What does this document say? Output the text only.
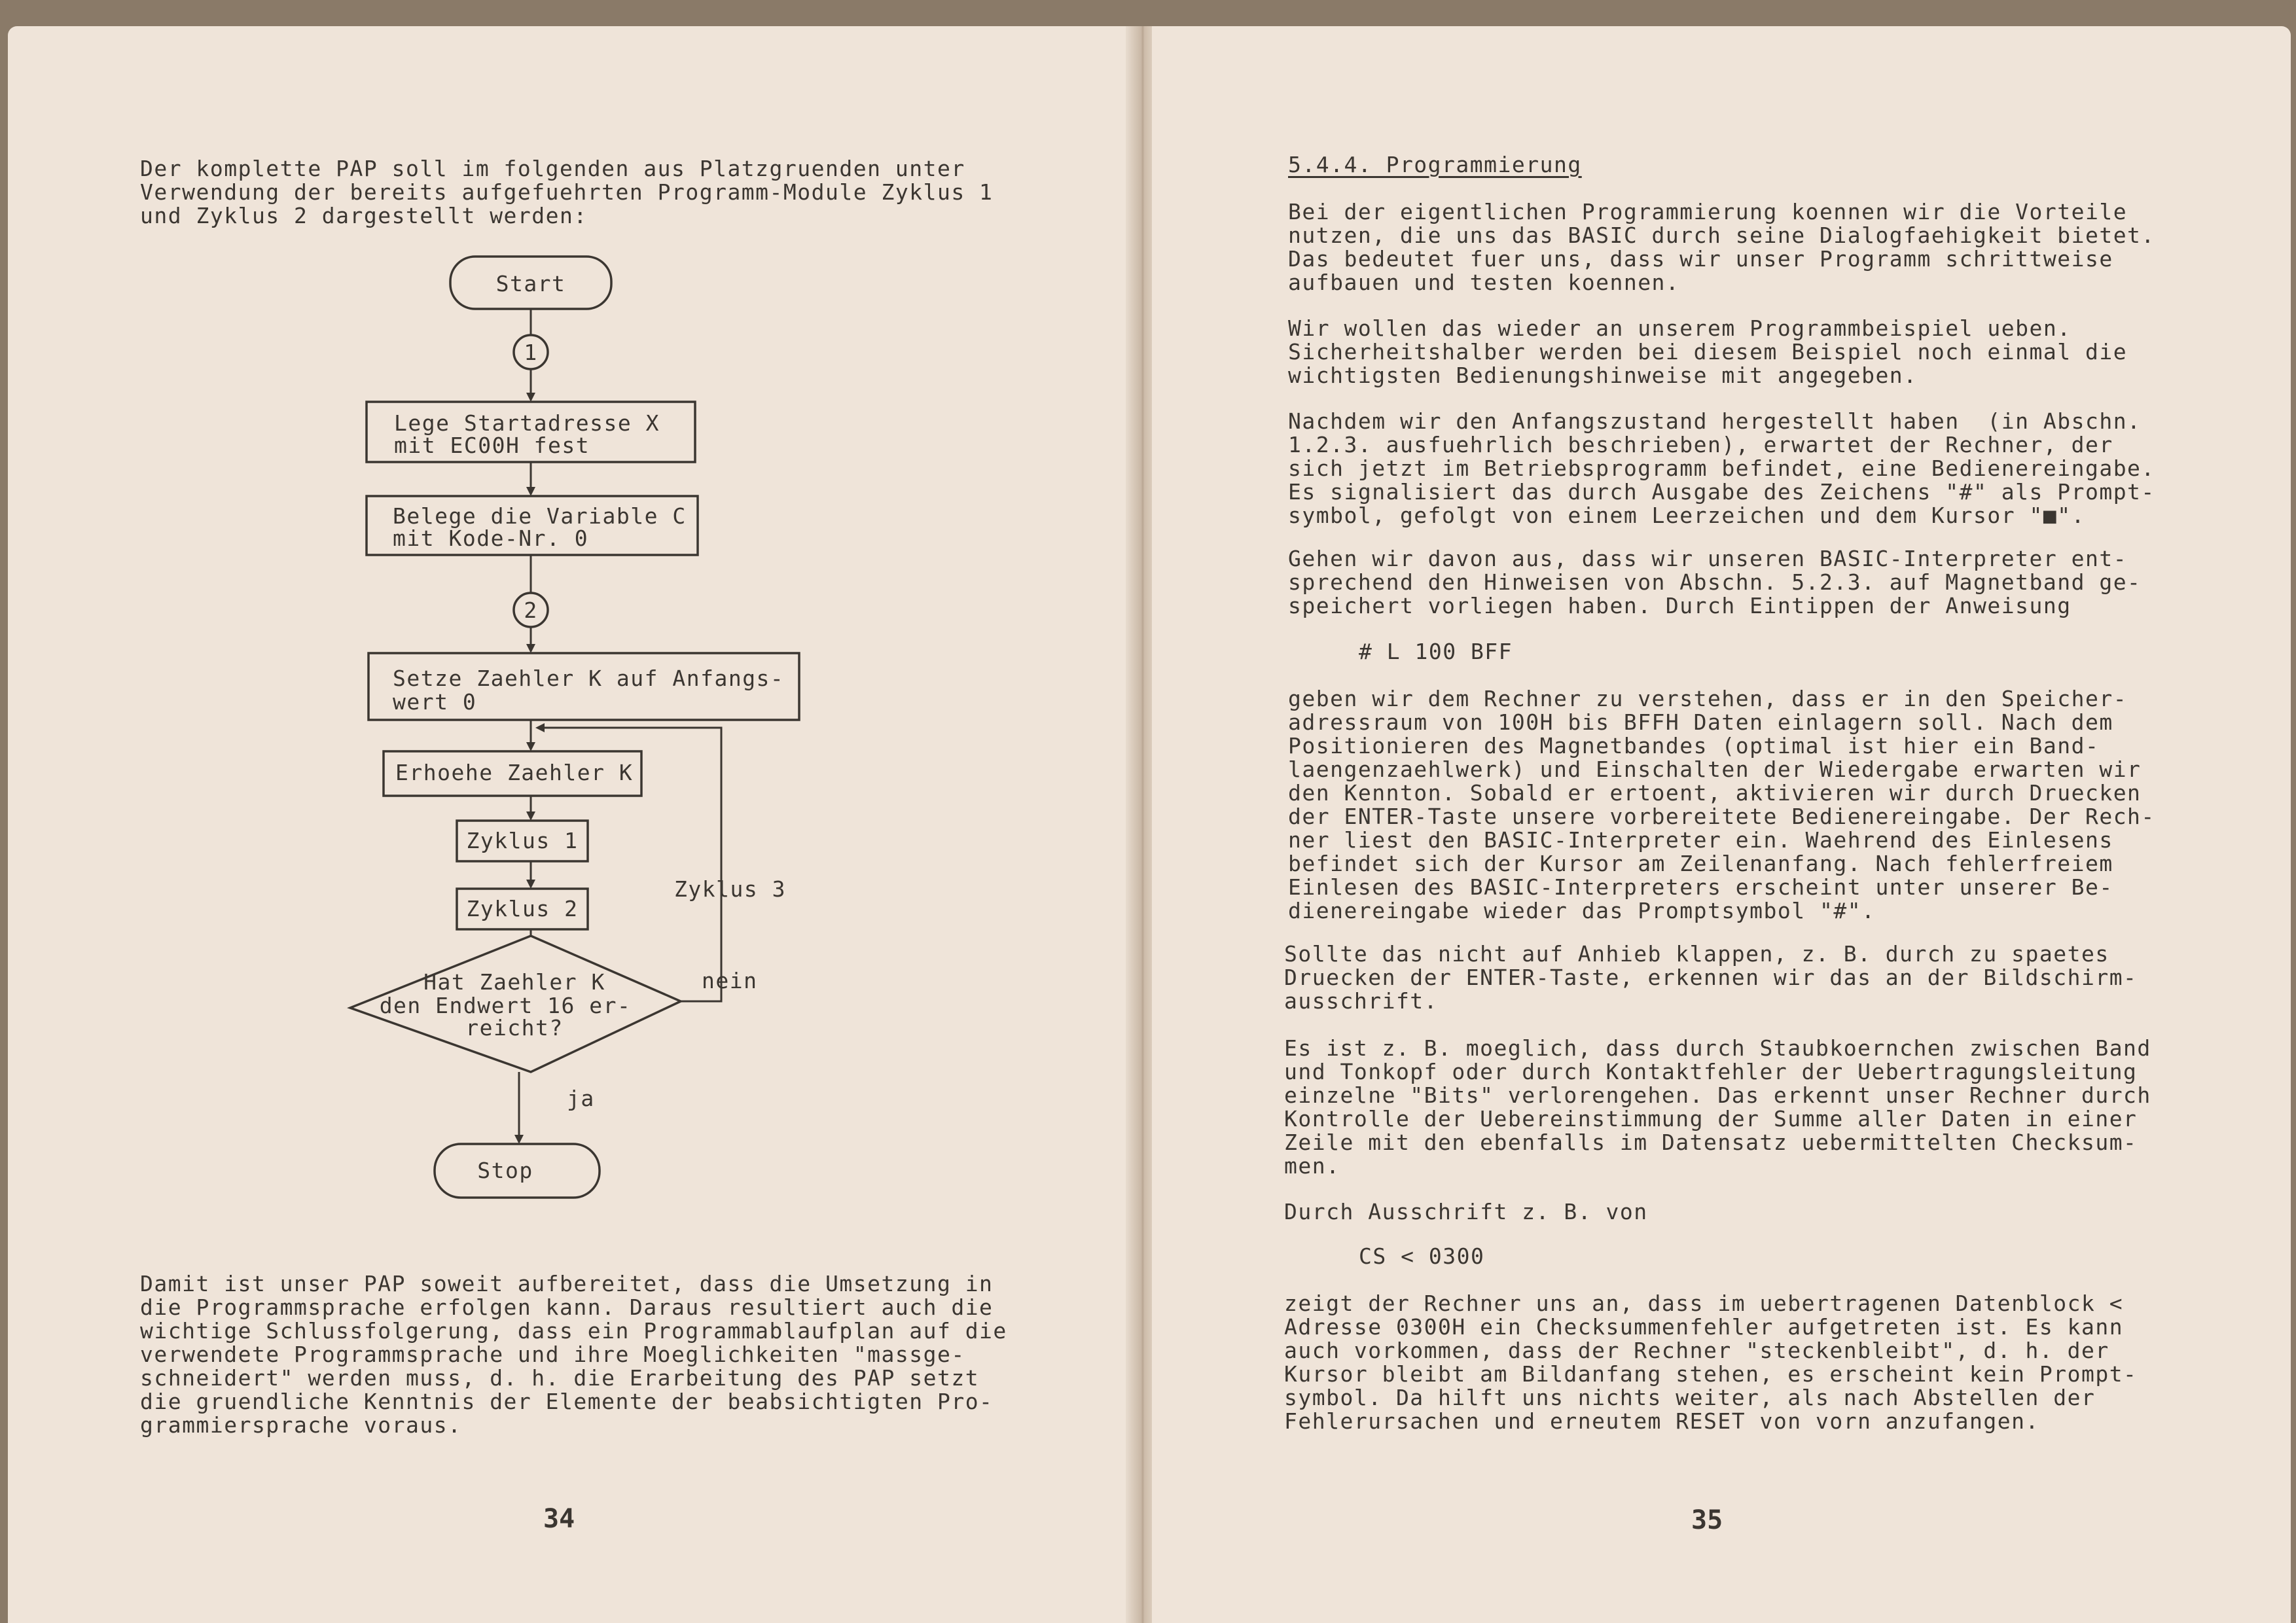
Der komplette PAP soll im folgenden aus Platzgruenden unter
Verwendung der bereits aufgefuehrten Programm-Module Zyklus 1
und Zyklus 2 dargestellt werden:
Start
1
Lege Startadresse X
mit EC00H fest
Belege die Variable C
mit Kode-Nr. 0
2
Setze Zaehler K auf Anfangs-
wert 0
Erhoehe Zaehler K
Zyklus 1
Zyklus 2
Hat Zaehler K
den Endwert 16 er-
reicht?
Zyklus 3
nein
ja
Stop
Damit ist unser PAP soweit aufbereitet, dass die Umsetzung in
die Programmsprache erfolgen kann. Daraus resultiert auch die
wichtige Schlussfolgerung, dass ein Programmablaufplan auf die
verwendete Programmsprache und ihre Moeglichkeiten "massge-
schneidert" werden muss, d. h. die Erarbeitung des PAP setzt
die gruendliche Kenntnis der Elemente der beabsichtigten Pro-
grammiersprache voraus.
34
5.4.4. Programmierung
Bei der eigentlichen Programmierung koennen wir die Vorteile
nutzen, die uns das BASIC durch seine Dialogfaehigkeit bietet.
Das bedeutet fuer uns, dass wir unser Programm schrittweise
aufbauen und testen koennen.
Wir wollen das wieder an unserem Programmbeispiel ueben.
Sicherheitshalber werden bei diesem Beispiel noch einmal die
wichtigsten Bedienungshinweise mit angegeben.
Nachdem wir den Anfangszustand hergestellt haben  (in Abschn.
1.2.3. ausfuehrlich beschrieben), erwartet der Rechner, der
sich jetzt im Betriebsprogramm befindet, eine Bedienereingabe.
Es signalisiert das durch Ausgabe des Zeichens "#" als Prompt-
symbol, gefolgt von einem Leerzeichen und dem Kursor "■".
Gehen wir davon aus, dass wir unseren BASIC-Interpreter ent-
sprechend den Hinweisen von Abschn. 5.2.3. auf Magnetband ge-
speichert vorliegen haben. Durch Eintippen der Anweisung
# L 100 BFF
geben wir dem Rechner zu verstehen, dass er in den Speicher-
adressraum von 100H bis BFFH Daten einlagern soll. Nach dem
Positionieren des Magnetbandes (optimal ist hier ein Band-
laengenzaehlwerk) und Einschalten der Wiedergabe erwarten wir
den Kennton. Sobald er ertoent, aktivieren wir durch Druecken
der ENTER-Taste unsere vorbereitete Bedienereingabe. Der Rech-
ner liest den BASIC-Interpreter ein. Waehrend des Einlesens
befindet sich der Kursor am Zeilenanfang. Nach fehlerfreiem
Einlesen des BASIC-Interpreters erscheint unter unserer Be-
dienereingabe wieder das Promptsymbol "#".
Sollte das nicht auf Anhieb klappen, z. B. durch zu spaetes
Druecken der ENTER-Taste, erkennen wir das an der Bildschirm-
ausschrift.
Es ist z. B. moeglich, dass durch Staubkoernchen zwischen Band
und Tonkopf oder durch Kontaktfehler der Uebertragungsleitung
einzelne "Bits" verlorengehen. Das erkennt unser Rechner durch
Kontrolle der Uebereinstimmung der Summe aller Daten in einer
Zeile mit den ebenfalls im Datensatz uebermittelten Checksum-
men.
Durch Ausschrift z. B. von
CS < 0300
zeigt der Rechner uns an, dass im uebertragenen Datenblock <
Adresse 0300H ein Checksummenfehler aufgetreten ist. Es kann
auch vorkommen, dass der Rechner "steckenbleibt", d. h. der
Kursor bleibt am Bildanfang stehen, es erscheint kein Prompt-
symbol. Da hilft uns nichts weiter, als nach Abstellen der
Fehlerursachen und erneutem RESET von vorn anzufangen.
35
